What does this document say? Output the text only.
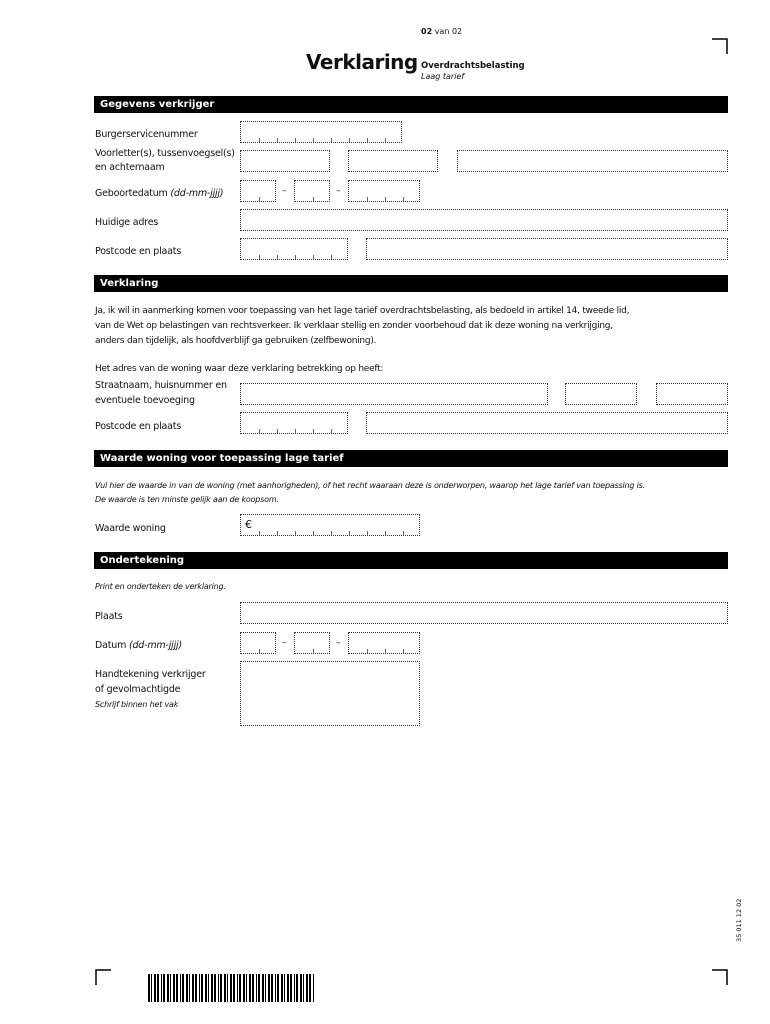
02 van 02
Verklaring Overdrachtsbelasting
Laag tarief
Gegevens verkrijger
Burgerservicenummer
Voorletter(s), tussenvoegsel(s)
en achternaam
Geboortedatum (dd-mm-jjjj)	–	–
Huidige adres
Postcode en plaats
Verklaring
Ja, ik wil in aanmerking komen voor toepassing van het lage tarief overdrachtsbelasting, als bedoeld in artikel 14, tweede lid,
van de Wet op belastingen van rechtsverkeer. Ik verklaar stellig en zonder voorbehoud dat ik deze woning na verkrijging,
anders dan tijdelijk, als hoofdverblijf ga gebruiken (zelfbewoning).
Het adres van de woning waar deze verklaring betrekking op heeft:
Straatnaam, huisnummer en
eventuele toevoeging
Postcode en plaats
Waarde woning voor toepassing lage tarief
Vul hier de waarde in van de woning (met aanhorigheden), of het recht waaraan deze is onderworpen, waarop het lage tarief van toepassing is.
De waarde is ten minste gelijk aan de koopsom.
Waarde woning	€
Ondertekening
Print en onderteken de verklaring.
Plaats
Datum (dd-mm-jjjj)	–	–
Handtekening verkrijger
of gevolmachtigde
Schrijf binnen het vak
35 011 12 02
